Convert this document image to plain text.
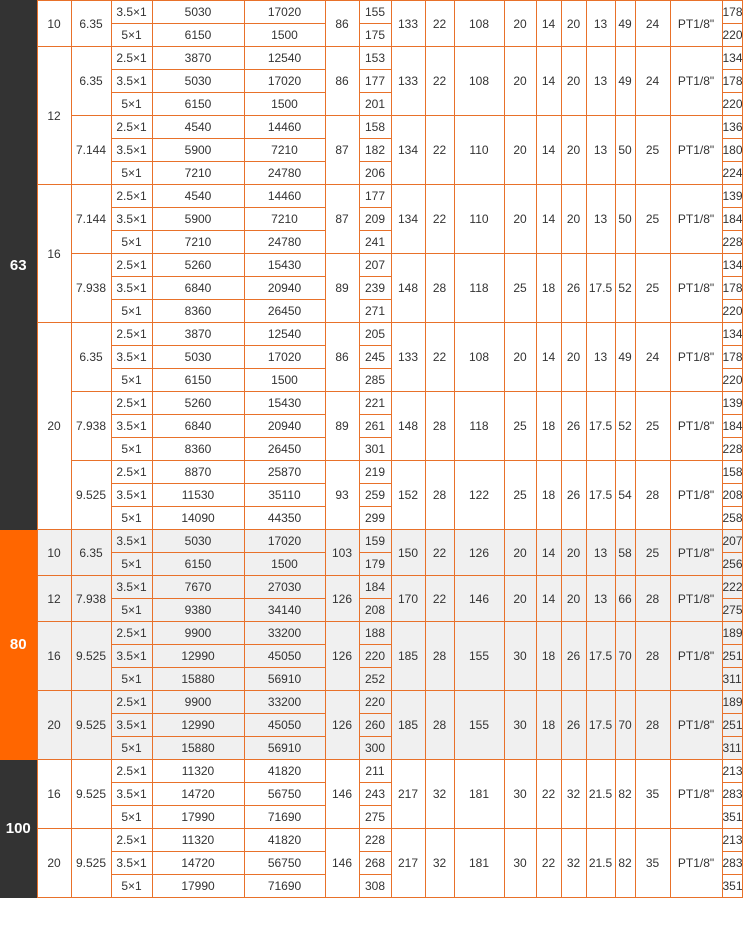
63	10	6.35	3.5×1	5030	17020	86	155	133	22	108	20	14	20	13	49	24	PT1/8"	178
			5×1	6150	1500		175											220
	12	6.35	2.5×1	3870	12540	86	153	133	22	108	20	14	20	13	49	24	PT1/8"	134
			3.5×1	5030	17020		177											178
			5×1	6150	1500		201											220
		7.144	2.5×1	4540	14460	87	158	134	22	110	20	14	20	13	50	25	PT1/8"	136
			3.5×1	5900	7210		182											180
			5×1	7210	24780		206											224
	16	7.144	2.5×1	4540	14460	87	177	134	22	110	20	14	20	13	50	25	PT1/8"	139
			3.5×1	5900	7210		209											184
			5×1	7210	24780		241											228
		7.938	2.5×1	5260	15430	89	207	148	28	118	25	18	26	17.5	52	25	PT1/8"	134
			3.5×1	6840	20940		239											178
			5×1	8360	26450		271											220
	20	6.35	2.5×1	3870	12540	86	205	133	22	108	20	14	20	13	49	24	PT1/8"	134
			3.5×1	5030	17020		245											178
			5×1	6150	1500		285											220
		7.938	2.5×1	5260	15430	89	221	148	28	118	25	18	26	17.5	52	25	PT1/8"	139
			3.5×1	6840	20940		261											184
			5×1	8360	26450		301											228
		9.525	2.5×1	8870	25870	93	219	152	28	122	25	18	26	17.5	54	28	PT1/8"	158
			3.5×1	11530	35110		259											208
			5×1	14090	44350		299											258
80	10	6.35	3.5×1	5030	17020	103	159	150	22	126	20	14	20	13	58	25	PT1/8"	207
			5×1	6150	1500		179											256
	12	7.938	3.5×1	7670	27030	126	184	170	22	146	20	14	20	13	66	28	PT1/8"	222
			5×1	9380	34140		208											275
	16	9.525	2.5×1	9900	33200	126	188	185	28	155	30	18	26	17.5	70	28	PT1/8"	189
			3.5×1	12990	45050		220											251
			5×1	15880	56910		252											311
	20	9.525	2.5×1	9900	33200	126	220	185	28	155	30	18	26	17.5	70	28	PT1/8"	189
			3.5×1	12990	45050		260											251
			5×1	15880	56910		300											311
100	16	9.525	2.5×1	11320	41820	146	211	217	32	181	30	22	32	21.5	82	35	PT1/8"	213
			3.5×1	14720	56750		243											283
			5×1	17990	71690		275											351
	20	9.525	2.5×1	11320	41820	146	228	217	32	181	30	22	32	21.5	82	35	PT1/8"	213
			3.5×1	14720	56750		268											283
			5×1	17990	71690		308											351
